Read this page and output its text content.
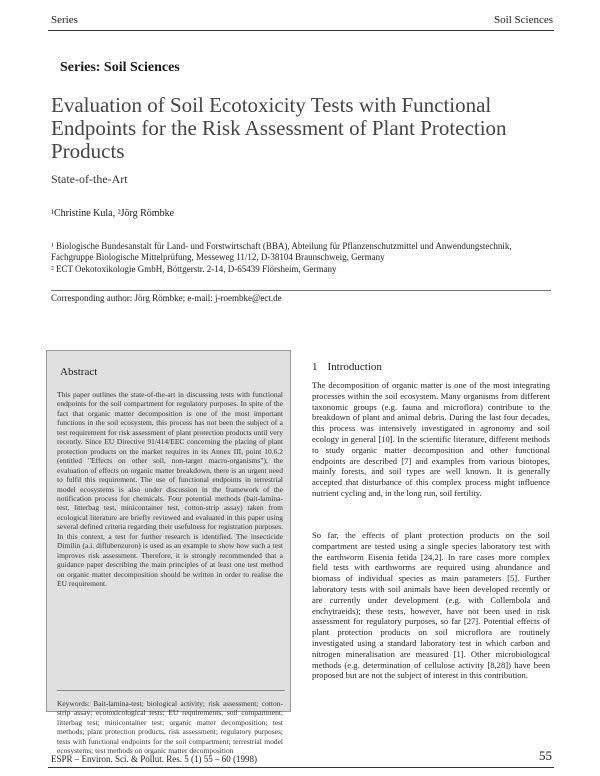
Series	Soil Sciences
Series: Soil Sciences
Evaluation of Soil Ecotoxicity Tests with Functional Endpoints for the Risk Assessment of Plant Protection Products
State-of-the-Art
¹Christine Kula, ²Jörg Römbke
¹ Biologische Bundesanstalt für Land- und Forstwirtschaft (BBA), Abteilung für Pflanzenschutzmittel und Anwendungstechnik, Fachgruppe Biologische Mittelprüfung, Messeweg 11/12, D-38104 Braunschweig, Germany
² ECT Oekotoxikologie GmbH, Böttgerstr. 2-14, D-65439 Flörsheim, Germany
Corresponding author: Jörg Römbke; e-mail: j-roembke@ect.de
Abstract
This paper outlines the state-of-the-art in discussing tests with functional endpoints for the soil compartment for regulatory purposes. In spite of the fact that organic matter decomposition is one of the most important functions in the soil ecosystem, this process has not been the subject of a test requirement for risk assessment of plant protection products until very recently. Since EU Directive 91/414/EEC concerning the placing of plant protection products on the market requires in its Annex III, point 10.6.2 (entitled "Effects on other soil, non-target macro-organisms"), the evaluation of effects on organic matter breakdown, there is an urgent need to fulfil this requirement. The use of functional endpoints in terrestrial model ecosystems is also under discussion in the framework of the notification process for chemicals. Four potential methods (bait-lamina-test, litterbag test, minicontainer test, cotton-strip assay) taken from ecological literature are briefly reviewed and evaluated in this paper using several defined criteria regarding their usefulness for registration purposes. In this context, a test for further research is identified. The insecticide Dimilin (a.i. diflubenzuron) is used as an example to show how such a test improves risk assessment. Therefore, it is strongly recommended that a guidance paper describing the main principles of at least one test method on organic matter decomposition should be written in order to realise the EU requirement.
Keywords: Bait-lamina-test; biological activity; risk assessment; cotton-strip assay; ecotoxicological tests; EU requirements, soil compartment; litterbag test; minicontainer test; organic matter decomposition; test methods; plant protection products, risk assessment; regulatory purposes; tests with functional endpoints for the soil compartment; terrestrial model ecosystems; test methods on organic matter decomposition
1 Introduction
The decomposition of organic matter is one of the most integrating processes within the soil ecosystem. Many organisms from different taxonomic groups (e.g. fauna and microflora) contribute to the breakdown of plant and animal debris. During the last four decades, this process was intensively investigated in agronomy and soil ecology in general [10]. In the scientific literature, different methods to study organic matter decomposition and other functional endpoints are described [7] and examples from various biotopes, mainly forests, and soil types are well known. It is generally accepted that disturbance of this complex process might influence nutrient cycling and, in the long run, soil fertility.
So far, the effects of plant protection products on the soil compartment are tested using a single species laboratory test with the earthworm Eisenia fetida [24,2]. In rare cases more complex field tests with earthworms are required using abundance and biomass of individual species as main parameters [5]. Further laboratory tests with soil animals have been developed recently or are currently under development (e.g. with Collembola and enchytraeids); these tests, however, have not been used in risk assessment for regulatory purposes, so far [27]. Potential effects of plant protection products on soil microflora are routinely investigated using a standard laboratory test in which carbon and nitrogen mineralisation are measured [1]. Other microbiological methods (e.g. determination of cellulose activity [8,28]) have been proposed but are not the subject of interest in this contribution.
ESPR – Environ. Sci. & Pollut. Res. 5 (1) 55 – 60 (1998)	55
